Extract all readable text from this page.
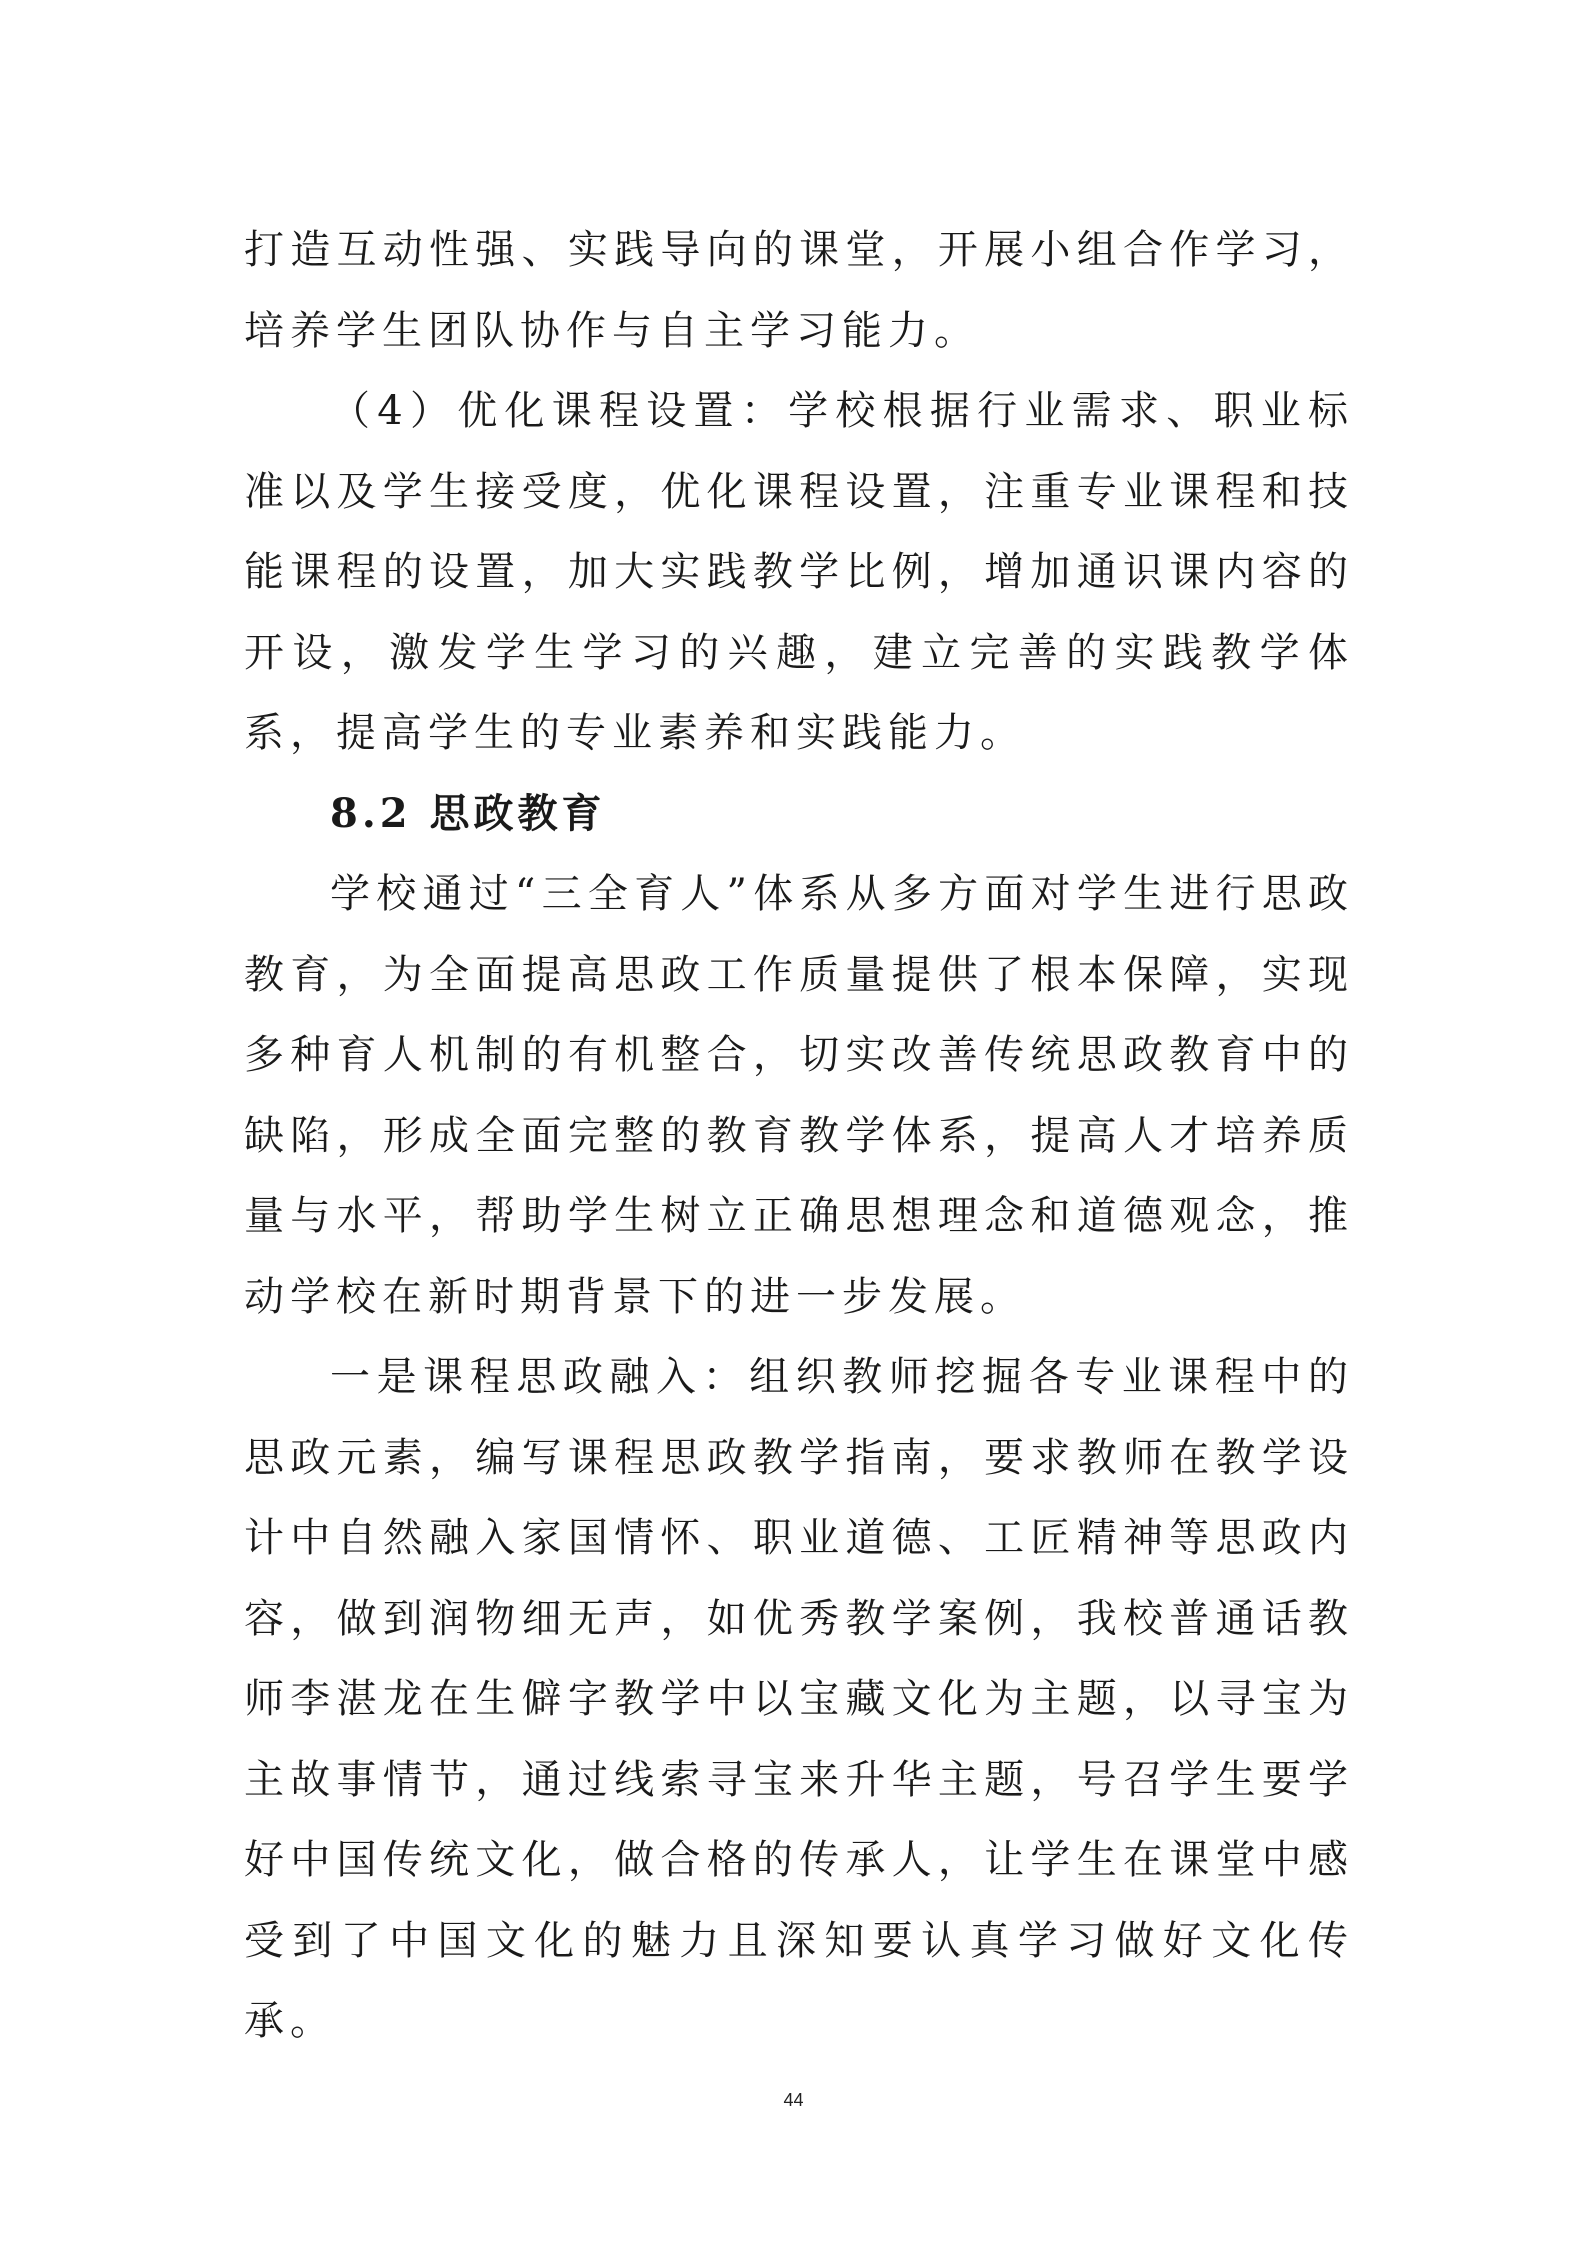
打造互动性强、实践导向的课堂，开展小组合作学习，培养学生团队协作与自主学习能力。

（4）优化课程设置：学校根据行业需求、职业标准以及学生接受度，优化课程设置，注重专业课程和技能课程的设置，加大实践教学比例，增加通识课内容的开设，激发学生学习的兴趣，建立完善的实践教学体系，提高学生的专业素养和实践能力。

8.2 思政教育

学校通过“三全育人”体系从多方面对学生进行思政教育，为全面提高思政工作质量提供了根本保障，实现多种育人机制的有机整合，切实改善传统思政教育中的缺陷，形成全面完整的教育教学体系，提高人才培养质量与水平，帮助学生树立正确思想理念和道德观念，推动学校在新时期背景下的进一步发展。

一是课程思政融入：组织教师挖掘各专业课程中的思政元素，编写课程思政教学指南，要求教师在教学设计中自然融入家国情怀、职业道德、工匠精神等思政内容，做到润物细无声，如优秀教学案例，我校普通话教师李湛龙在生僻字教学中以宝藏文化为主题，以寻宝为主故事情节，通过线索寻宝来升华主题，号召学生要学好中国传统文化，做合格的传承人，让学生在课堂中感受到了中国文化的魅力且深知要认真学习做好文化传承。

44
